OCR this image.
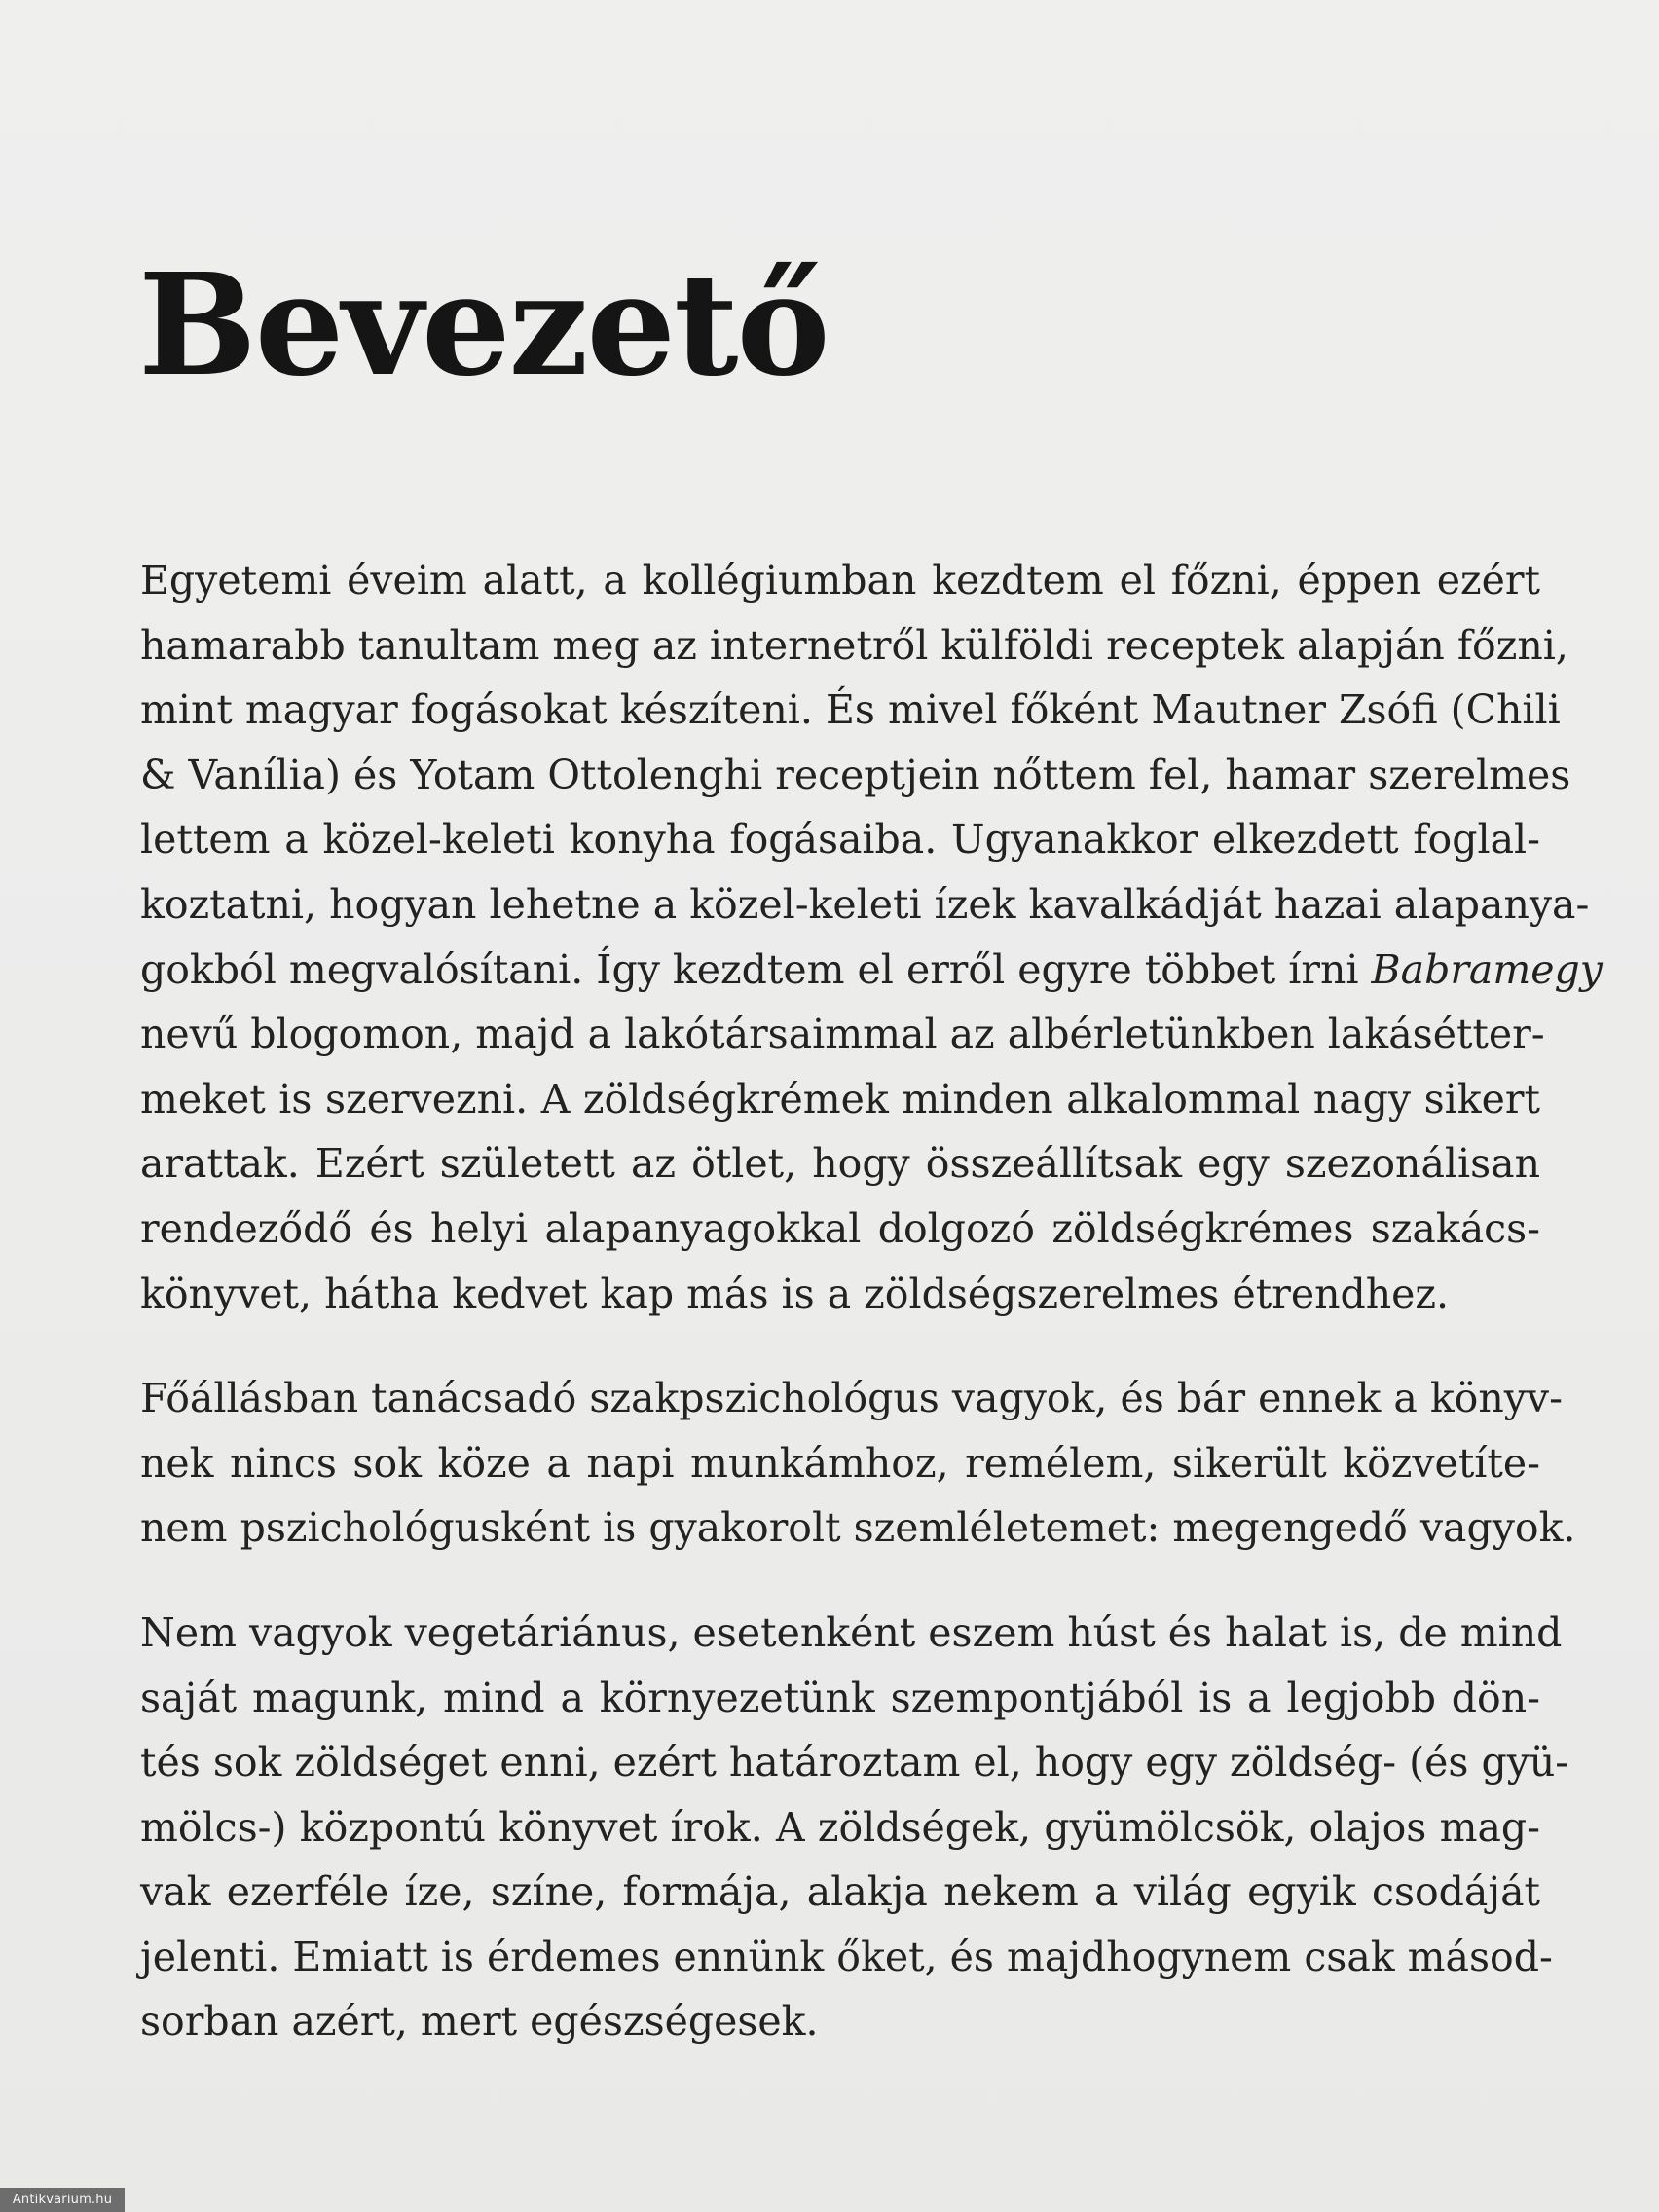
Bevezető
Egyetemi éveim alatt, a kollégiumban kezdtem el főzni, éppen ezért
hamarabb tanultam meg az internetről külföldi receptek alapján főzni,
mint magyar fogásokat készíteni. És mivel főként Mautner Zsófi (Chili
& Vanília) és Yotam Ottolenghi receptjein nőttem fel, hamar szerelmes
lettem a közel-keleti konyha fogásaiba. Ugyanakkor elkezdett foglal-
koztatni, hogyan lehetne a közel-keleti ízek kavalkádját hazai alapanya-
gokból megvalósítani. Így kezdtem el erről egyre többet írni Babramegy
nevű blogomon, majd a lakótársaimmal az albérletünkben lakásétter-
meket is szervezni. A zöldségkrémek minden alkalommal nagy sikert
arattak. Ezért született az ötlet, hogy összeállítsak egy szezonálisan
rendeződő és helyi alapanyagokkal dolgozó zöldségkrémes szakács-
könyvet, hátha kedvet kap más is a zöldségszerelmes étrendhez.
Főállásban tanácsadó szakpszichológus vagyok, és bár ennek a könyv-
nek nincs sok köze a napi munkámhoz, remélem, sikerült közvetíte-
nem pszichológusként is gyakorolt szemléletemet: megengedő vagyok.
Nem vagyok vegetáriánus, esetenként eszem húst és halat is, de mind
saját magunk, mind a környezetünk szempontjából is a legjobb dön-
tés sok zöldséget enni, ezért határoztam el, hogy egy zöldség- (és gyü-
mölcs-) központú könyvet írok. A zöldségek, gyümölcsök, olajos mag-
vak ezerféle íze, színe, formája, alakja nekem a világ egyik csodáját
jelenti. Emiatt is érdemes ennünk őket, és majdhogynem csak másod-
sorban azért, mert egészségesek.
Antikvarium.hu
